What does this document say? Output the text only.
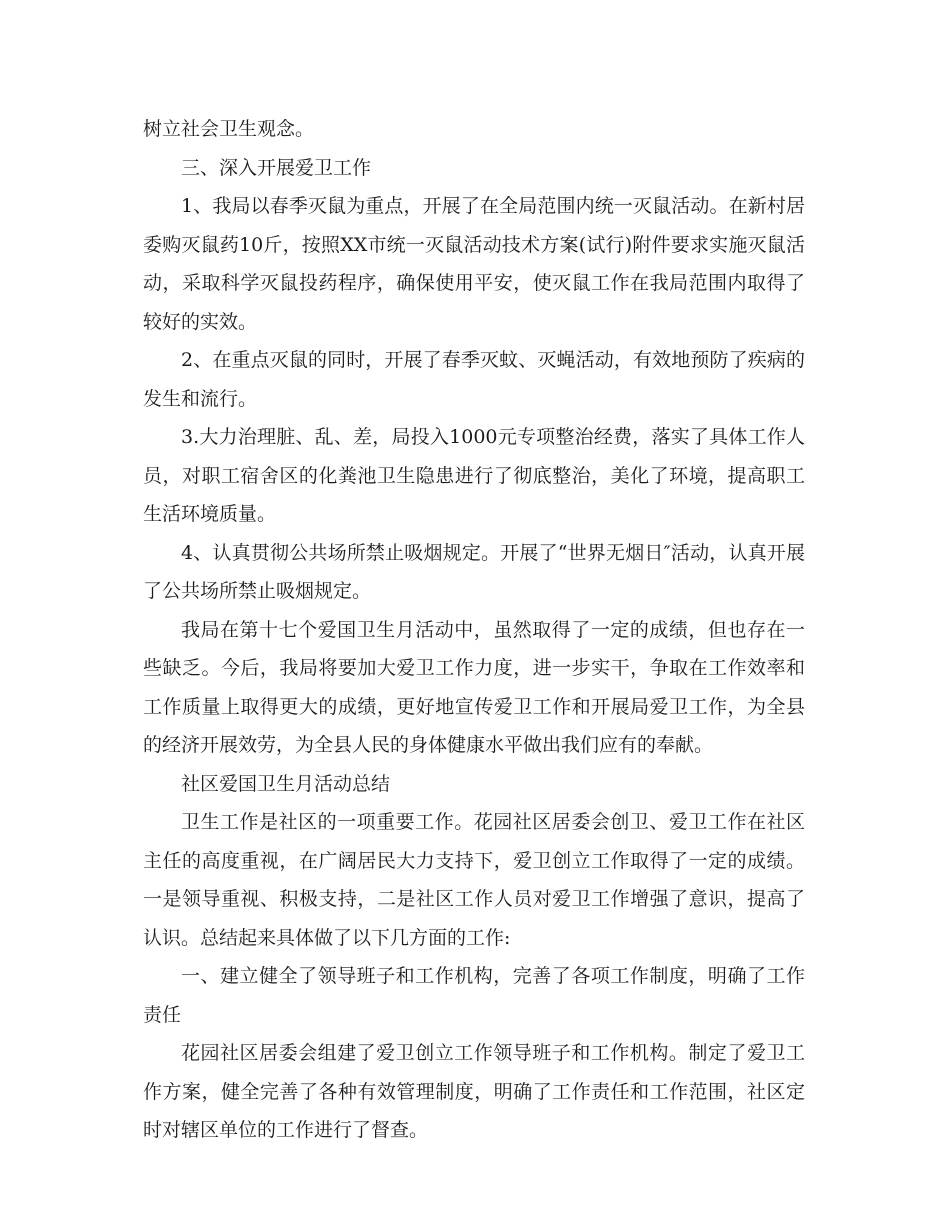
树立社会卫生观念。

三、深入开展爱卫工作

1、我局以春季灭鼠为重点，开展了在全局范围内统一灭鼠活动。在新村居委购灭鼠药10斤，按照XX市统一灭鼠活动技术方案(试行)附件要求实施灭鼠活动，采取科学灭鼠投药程序，确保使用平安，使灭鼠工作在我局范围内取得了较好的实效。

2、在重点灭鼠的同时，开展了春季灭蚊、灭蝇活动，有效地预防了疾病的发生和流行。

3.大力治理脏、乱、差，局投入1000元专项整治经费，落实了具体工作人员，对职工宿舍区的化粪池卫生隐患进行了彻底整治，美化了环境，提高职工生活环境质量。

4、认真贯彻公共场所禁止吸烟规定。开展了“世界无烟日″活动，认真开展了公共场所禁止吸烟规定。

我局在第十七个爱国卫生月活动中，虽然取得了一定的成绩，但也存在一些缺乏。今后，我局将要加大爱卫工作力度，进一步实干，争取在工作效率和工作质量上取得更大的成绩，更好地宣传爱卫工作和开展局爱卫工作，为全县的经济开展效劳，为全县人民的身体健康水平做出我们应有的奉献。

社区爱国卫生月活动总结

卫生工作是社区的一项重要工作。花园社区居委会创卫、爱卫工作在社区主任的高度重视，在广阔居民大力支持下，爱卫创立工作取得了一定的成绩。一是领导重视、积极支持，二是社区工作人员对爱卫工作增强了意识，提高了认识。总结起来具体做了以下几方面的工作:

一、建立健全了领导班子和工作机构，完善了各项工作制度，明确了工作责任

花园社区居委会组建了爱卫创立工作领导班子和工作机构。制定了爱卫工作方案，健全完善了各种有效管理制度，明确了工作责任和工作范围，社区定时对辖区单位的工作进行了督查。
